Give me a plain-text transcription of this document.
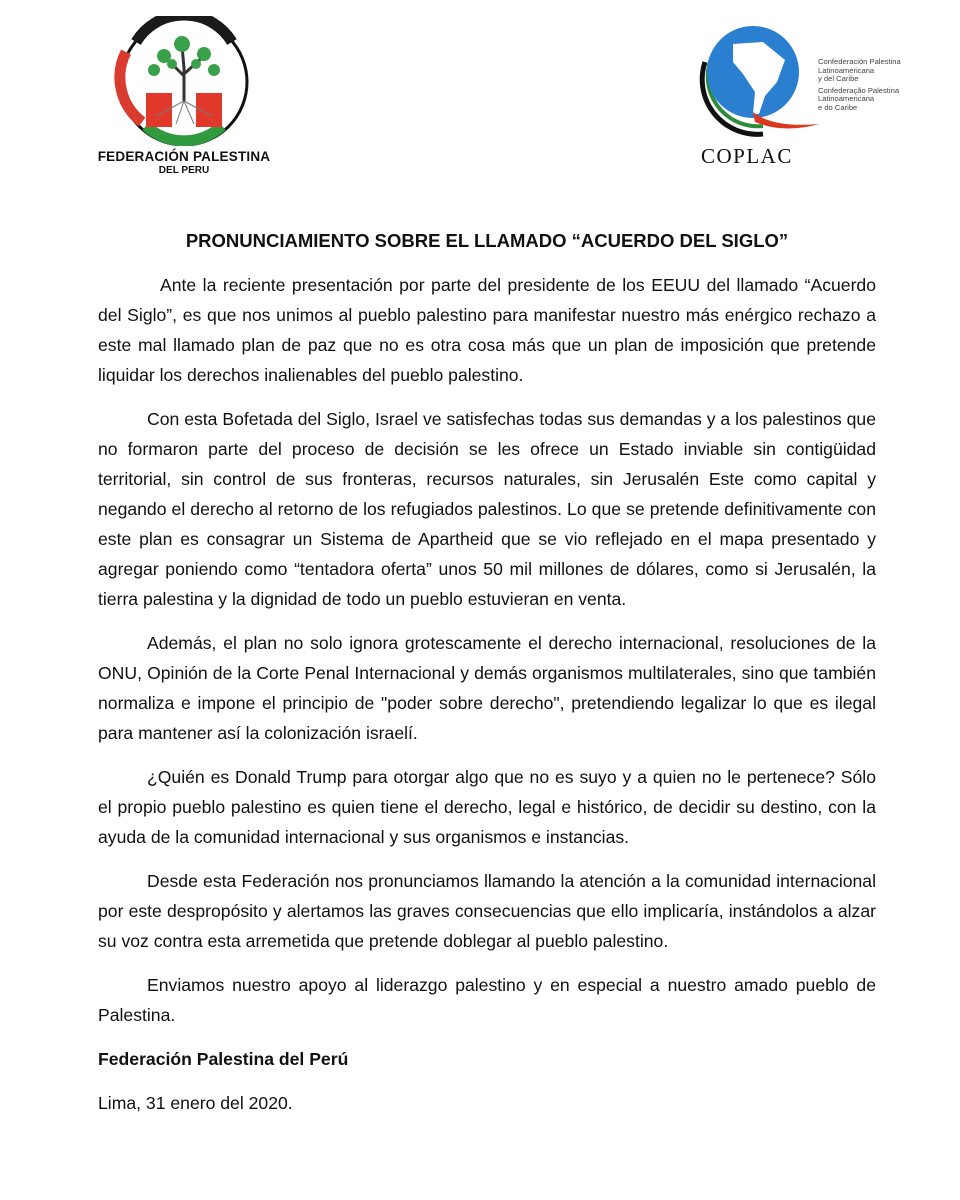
FEDERACIÓN PALESTINA
DEL PERU
Confederación Palestina
Latinoamericana
y del Caribe
Confederação Palestina
Latinoamericana
e do Caribe
COPLAC
PRONUNCIAMIENTO SOBRE EL LLAMADO “ACUERDO DEL SIGLO”

Ante la reciente presentación por parte del presidente de los EEUU del llamado “Acuerdo del Siglo”, es que nos unimos al pueblo palestino para manifestar nuestro más enérgico rechazo a este mal llamado plan de paz que no es otra cosa más que un plan de imposición que pretende liquidar los derechos inalienables del pueblo palestino.

Con esta Bofetada del Siglo, Israel ve satisfechas todas sus demandas y a los palestinos que no formaron parte del proceso de decisión se les ofrece un Estado inviable sin contigüidad territorial, sin control de sus fronteras, recursos naturales, sin Jerusalén Este como capital y negando el derecho al retorno de los refugiados palestinos. Lo que se pretende definitivamente con este plan es consagrar un Sistema de Apartheid que se vio reflejado en el mapa presentado y agregar poniendo como “tentadora oferta” unos 50 mil millones de dólares, como si Jerusalén, la tierra palestina y la dignidad de todo un pueblo estuvieran en venta.

Además, el plan no solo ignora grotescamente el derecho internacional, resoluciones de la ONU, Opinión de la Corte Penal Internacional y demás organismos multilaterales, sino que también normaliza e impone el principio de "poder sobre derecho", pretendiendo legalizar lo que es ilegal para mantener así la colonización israelí.

¿Quién es Donald Trump para otorgar algo que no es suyo y a quien no le pertenece? Sólo el propio pueblo palestino es quien tiene el derecho, legal e histórico, de decidir su destino, con la ayuda de la comunidad internacional y sus organismos e instancias.

Desde esta Federación nos pronunciamos llamando la atención a la comunidad internacional por este despropósito y alertamos las graves consecuencias que ello implicaría, instándolos a alzar su voz contra esta arremetida que pretende doblegar al pueblo palestino.

Enviamos nuestro apoyo al liderazgo palestino y en especial a nuestro amado pueblo de Palestina.

Federación Palestina del Perú

Lima, 31 enero del 2020.
